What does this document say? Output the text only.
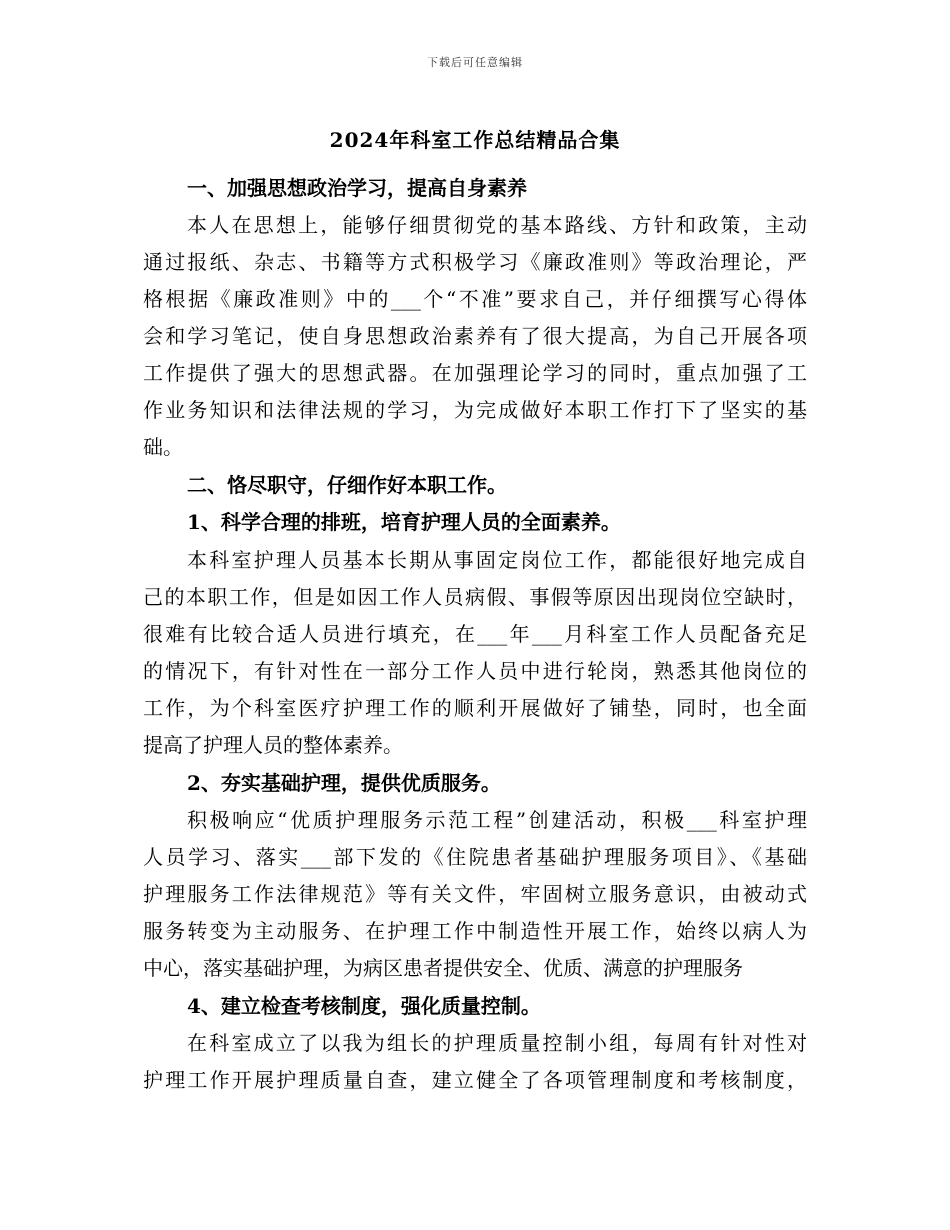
下载后可任意编辑
2024年科室工作总结精品合集
一、加强思想政治学习，提高自身素养
本人在思想上，能够仔细贯彻党的基本路线、方针和政策，主动
通过报纸、杂志、书籍等方式积极学习《廉政准则》等政治理论，严
格根据《廉政准则》中的___个“不准”要求自己，并仔细撰写心得体
会和学习笔记，使自身思想政治素养有了很大提高，为自己开展各项
工作提供了强大的思想武器。在加强理论学习的同时，重点加强了工
作业务知识和法律法规的学习，为完成做好本职工作打下了坚实的基
础。
二、恪尽职守，仔细作好本职工作。
1、科学合理的排班，培育护理人员的全面素养。
本科室护理人员基本长期从事固定岗位工作，都能很好地完成自
己的本职工作，但是如因工作人员病假、事假等原因出现岗位空缺时，
很难有比较合适人员进行填充，在___年___月科室工作人员配备充足
的情况下，有针对性在一部分工作人员中进行轮岗，熟悉其他岗位的
工作，为个科室医疗护理工作的顺利开展做好了铺垫，同时，也全面
提高了护理人员的整体素养。
2、夯实基础护理，提供优质服务。
积极响应“优质护理服务示范工程”创建活动，积极___科室护理
人员学习、落实___部下发的《住院患者基础护理服务项目》、《基础
护理服务工作法律规范》等有关文件，牢固树立服务意识，由被动式
服务转变为主动服务、在护理工作中制造性开展工作，始终以病人为
中心，落实基础护理，为病区患者提供安全、优质、满意的护理服务
4、建立检查考核制度，强化质量控制。
在科室成立了以我为组长的护理质量控制小组，每周有针对性对
护理工作开展护理质量自查，建立健全了各项管理制度和考核制度，
